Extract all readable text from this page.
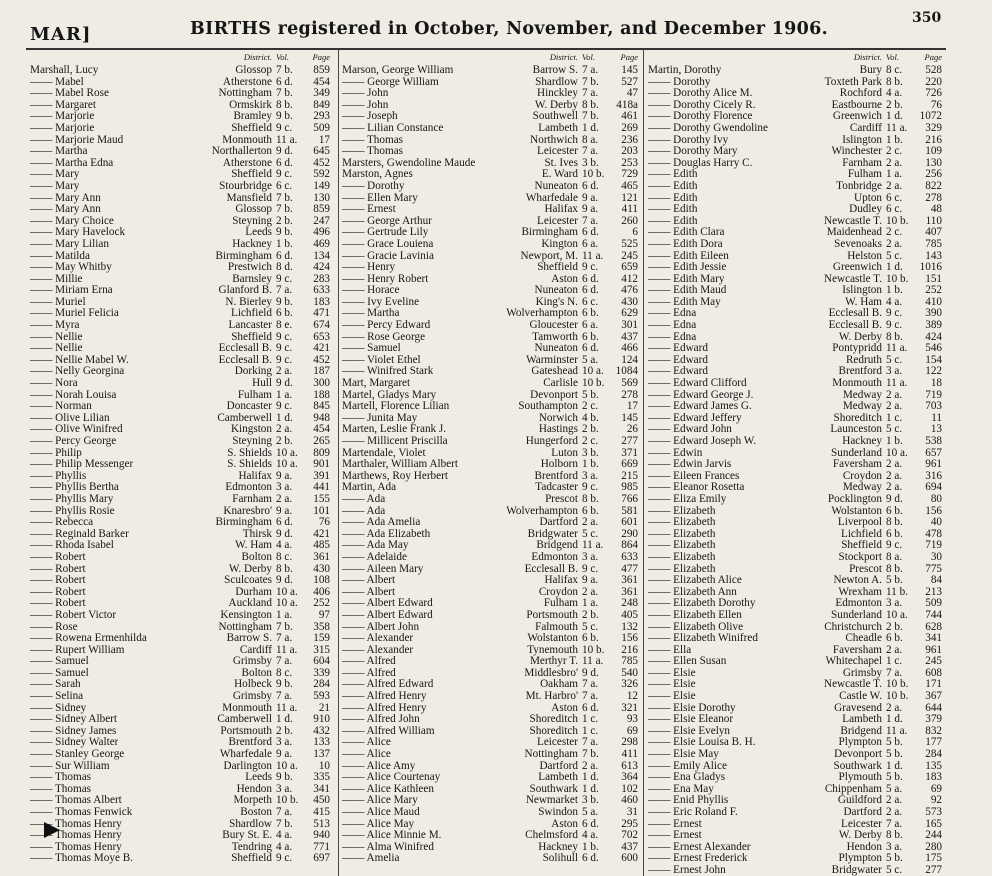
MAR]	BIRTHS registered in October, November, and December 1906.
350
District. Vol.	Page
Marshall, Lucy	Glossop 7 b.	859
—— Mabel	Atherstone 6 d.	454
—— Mabel Rose	Nottingham 7 b.	349
—— Margaret	Ormskirk 8 b.	849
—— Marjorie	Bramley 9 b.	293
—— Marjorie	Sheffield 9 c.	509
—— Marjorie Maud	Monmouth 11 a.	17
—— Martha	Northallerton 9 d.	645
—— Martha Edna	Atherstone 6 d.	452
—— Mary	Sheffield 9 c.	592
—— Mary	Stourbridge 6 c.	149
—— Mary Ann	Mansfield 7 b.	130
—— Mary Ann	Glossop 7 b.	859
—— Mary Choice	Steyning 2 b.	247
—— Mary Havelock	Leeds 9 b.	496
—— Mary Lilian	Hackney 1 b.	469
—— Matilda	Birmingham 6 d.	134
—— May Whitby	Prestwich 8 d.	424
—— Millie	Barnsley 9 c.	283
—— Miriam Erna	Glanford B. 7 a.	633
—— Muriel	N. Bierley 9 b.	183
—— Muriel Felicia	Lichfield 6 b.	471
—— Myra	Lancaster 8 e.	674
—— Nellie	Sheffield 9 c.	653
—— Nellie	Ecclesall B. 9 c.	421
—— Nellie Mabel W.	Ecclesall B. 9 c.	452
—— Nelly Georgina	Dorking 2 a.	187
—— Nora	Hull 9 d.	300
—— Norah Louisa	Fulham 1 a.	188
—— Norman	Doncaster 9 c.	845
—— Olive Lilian	Camberwell 1 d.	948
—— Olive Winifred	Kingston 2 a.	454
—— Percy George	Steyning 2 b.	265
—— Philip	S. Shields 10 a.	809
—— Philip Messenger	S. Shields 10 a.	901
—— Phyllis	Halifax 9 a.	391
—— Phyllis Bertha	Edmonton 3 a.	441
—— Phyllis Mary	Farnham 2 a.	155
—— Phyllis Rosie	Knaresbro' 9 a.	101
—— Rebecca	Birmingham 6 d.	76
—— Reginald Barker	Thirsk 9 d.	421
—— Rhoda Isabel	W. Ham 4 a.	485
—— Robert	Bolton 8 c.	361
—— Robert	W. Derby 8 b.	430
—— Robert	Sculcoates 9 d.	108
—— Robert	Durham 10 a.	406
—— Robert	Auckland 10 a.	252
—— Robert Victor	Kensington 1 a.	97
—— Rose	Nottingham 7 b.	358
—— Rowena Ermenhilda	Barrow S. 7 a.	159
—— Rupert William	Cardiff 11 a.	315
—— Samuel	Grimsby 7 a.	604
—— Samuel	Bolton 8 c.	339
—— Sarah	Holbeck 9 b.	284
—— Selina	Grimsby 7 a.	593
—— Sidney	Monmouth 11 a.	21
—— Sidney Albert	Camberwell 1 d.	910
—— Sidney James	Portsmouth 2 b.	432
—— Sidney Walter	Brentford 3 a.	133
—— Stanley George	Wharfedale 9 a.	137
—— Sur William	Darlington 10 a.	10
—— Thomas	Leeds 9 b.	335
—— Thomas	Hendon 3 a.	341
—— Thomas Albert	Morpeth 10 b.	450
—— Thomas Fenwick	Boston 7 a.	415
—— Thomas Henry	Shardlow 7 b.	513
—— Thomas Henry	Bury St. E. 4 a.	940
—— Thomas Henry	Tendring 4 a.	771
—— Thomas Moye B.	Sheffield 9 c.	697
District. Vol.	Page
Marson, George William	Barrow S. 7 a.	145
—— George William	Shardlow 7 b.	527
—— John	Hinckley 7 a.	47
—— John	W. Derby 8 b.	418a
—— Joseph	Southwell 7 b.	461
—— Lilian Constance	Lambeth 1 d.	269
—— Thomas	Northwich 8 a.	236
—— Thomas	Leicester 7 a.	203
Marsters, Gwendoline Maude	St. Ives 3 b.	253
Marston, Agnes	E. Ward 10 b.	729
—— Dorothy	Nuneaton 6 d.	465
—— Ellen Mary	Wharfedale 9 a.	121
—— Ernest	Halifax 9 a.	411
—— George Arthur	Leicester 7 a.	260
—— Gertrude Lily	Birmingham 6 d.	6
—— Grace Louiena	Kington 6 a.	525
—— Gracie Lavinia	Newport, M. 11 a.	245
—— Henry	Sheffield 9 c.	659
—— Henry Robert	Aston 6 d.	412
—— Horace	Nuneaton 6 d.	476
—— Ivy Eveline	King's N. 6 c.	430
—— Martha	Wolverhampton 6 b.	629
—— Percy Edward	Gloucester 6 a.	301
—— Rose George	Tamworth 6 b.	437
—— Samuel	Nuneaton 6 d.	466
—— Violet Ethel	Warminster 5 a.	124
—— Winifred Stark	Gateshead 10 a.	1084
Mart, Margaret	Carlisle 10 b.	569
Martel, Gladys Mary	Devonport 5 b.	278
Martell, Florence Lilian	Southampton 2 c.	17
—— Junita May	Norwich 4 b.	145
Marten, Leslie Frank J.	Hastings 2 b.	26
—— Millicent Priscilla	Hungerford 2 c.	277
Martendale, Violet	Luton 3 b.	371
Marthaler, William Albert	Holborn 1 b.	669
Marthews, Roy Herbert	Brentford 3 a.	215
Martin, Ada	Tadcaster 9 c.	985
—— Ada	Prescot 8 b.	766
—— Ada	Wolverhampton 6 b.	581
—— Ada Amelia	Dartford 2 a.	601
—— Ada Elizabeth	Bridgwater 5 c.	290
—— Ada May	Bridgend 11 a.	864
—— Adelaide	Edmonton 3 a.	633
—— Aileen Mary	Ecclesall B. 9 c.	477
—— Albert	Halifax 9 a.	361
—— Albert	Croydon 2 a.	361
—— Albert Edward	Fulham 1 a.	248
—— Albert Edward	Portsmouth 2 b.	405
—— Albert John	Falmouth 5 c.	132
—— Alexander	Wolstanton 6 b.	156
—— Alexander	Tynemouth 10 b.	216
—— Alfred	Merthyr T. 11 a.	785
—— Alfred	Middlesbro' 9 d.	540
—— Alfred Edward	Oakham 7 a.	326
—— Alfred Henry	Mt. Harbro' 7 a.	12
—— Alfred Henry	Aston 6 d.	321
—— Alfred John	Shoreditch 1 c.	93
—— Alfred William	Shoreditch 1 c.	69
—— Alice	Leicester 7 a.	298
—— Alice	Nottingham 7 b.	411
—— Alice Amy	Dartford 2 a.	613
—— Alice Courtenay	Lambeth 1 d.	364
—— Alice Kathleen	Southwark 1 d.	102
—— Alice Mary	Newmarket 3 b.	460
—— Alice Maud	Swindon 5 a.	31
—— Alice May	Aston 6 d.	295
—— Alice Minnie M.	Chelmsford 4 a.	702
—— Alma Winifred	Hackney 1 b.	437
—— Amelia	Solihull 6 d.	600
District. Vol.	Page
Martin, Dorothy	Bury 8 c.	528
—— Dorothy	Toxteth Park 8 b.	220
—— Dorothy Alice M.	Rochford 4 a.	726
—— Dorothy Cicely R.	Eastbourne 2 b.	76
—— Dorothy Florence	Greenwich 1 d.	1072
—— Dorothy Gwendoline	Cardiff 11 a.	329
—— Dorothy Ivy	Islington 1 b.	216
—— Dorothy Mary	Winchester 2 c.	109
—— Douglas Harry C.	Farnham 2 a.	130
—— Edith	Fulham 1 a.	256
—— Edith	Tonbridge 2 a.	822
—— Edith	Upton 6 c.	278
—— Edith	Dudley 6 c.	48
—— Edith	Newcastle T. 10 b.	110
—— Edith Clara	Maidenhead 2 c.	407
—— Edith Dora	Sevenoaks 2 a.	785
—— Edith Eileen	Helston 5 c.	143
—— Edith Jessie	Greenwich 1 d.	1016
—— Edith Mary	Newcastle T. 10 b.	151
—— Edith Maud	Islington 1 b.	252
—— Edith May	W. Ham 4 a.	410
—— Edna	Ecclesall B. 9 c.	390
—— Edna	Ecclesall B. 9 c.	389
—— Edna	W. Derby 8 b.	424
—— Edward	Pontypridd 11 a.	546
—— Edward	Redruth 5 c.	154
—— Edward	Brentford 3 a.	122
—— Edward Clifford	Monmouth 11 a.	18
—— Edward George J.	Medway 2 a.	719
—— Edward James G.	Medway 2 a.	703
—— Edward Jeffery	Shoreditch 1 c.	11
—— Edward John	Launceston 5 c.	13
—— Edward Joseph W.	Hackney 1 b.	538
—— Edwin	Sunderland 10 a.	657
—— Edwin Jarvis	Faversham 2 a.	961
—— Eileen Frances	Croydon 2 a.	316
—— Eleanor Rosetta	Medway 2 a.	694
—— Eliza Emily	Pocklington 9 d.	80
—— Elizabeth	Wolstanton 6 b.	156
—— Elizabeth	Liverpool 8 b.	40
—— Elizabeth	Lichfield 6 b.	478
—— Elizabeth	Sheffield 9 c.	719
—— Elizabeth	Stockport 8 a.	30
—— Elizabeth	Prescot 8 b.	775
—— Elizabeth Alice	Newton A. 5 b.	84
—— Elizabeth Ann	Wrexham 11 b.	213
—— Elizabeth Dorothy	Edmonton 3 a.	509
—— Elizabeth Ellen	Sunderland 10 a.	744
—— Elizabeth Olive	Christchurch 2 b.	628
—— Elizabeth Winifred	Cheadle 6 b.	341
—— Ella	Faversham 2 a.	961
—— Ellen Susan	Whitechapel 1 c.	245
—— Elsie	Grimsby 7 a.	608
—— Elsie	Newcastle T. 10 b.	171
—— Elsie	Castle W. 10 b.	367
—— Elsie Dorothy	Gravesend 2 a.	644
—— Elsie Eleanor	Lambeth 1 d.	379
—— Elsie Evelyn	Bridgend 11 a.	832
—— Elsie Louisa B. H.	Plympton 5 b.	177
—— Elsie May	Devonport 5 b.	284
—— Emily Alice	Southwark 1 d.	135
—— Ena Gladys	Plymouth 5 b.	183
—— Ena May	Chippenham 5 a.	69
—— Enid Phyllis	Guildford 2 a.	92
—— Eric Roland F.	Dartford 2 a.	573
—— Ernest	Leicester 7 a.	165
—— Ernest	W. Derby 8 b.	244
—— Ernest Alexander	Hendon 3 a.	280
—— Ernest Frederick	Plympton 5 b.	175
—— Ernest John	Bridgwater 5 c.	277
